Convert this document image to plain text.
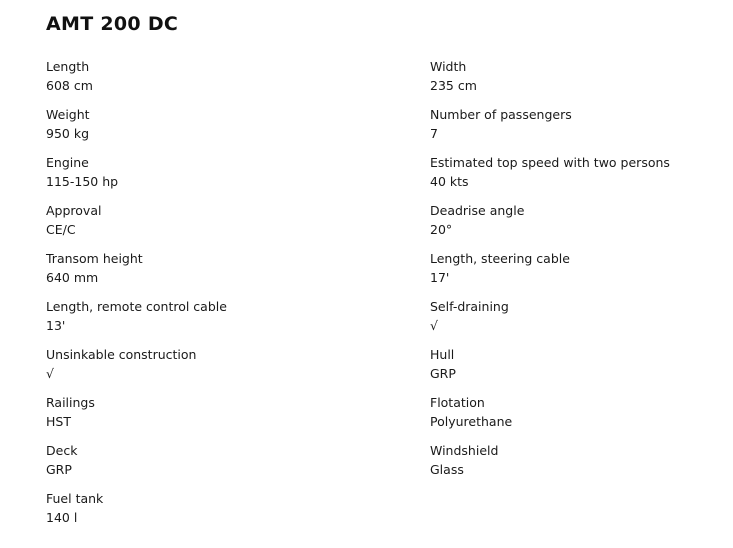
AMT 200 DC
Length
608 cm
Weight
950 kg
Engine
115-150 hp
Approval
CE/C
Transom height
640 mm
Length, remote control cable
13'
Unsinkable construction
√
Railings
HST
Deck
GRP
Fuel tank
140 l
Width
235 cm
Number of passengers
7
Estimated top speed with two persons
40 kts
Deadrise angle
20°
Length, steering cable
17'
Self-draining
√
Hull
GRP
Flotation
Polyurethane
Windshield
Glass
